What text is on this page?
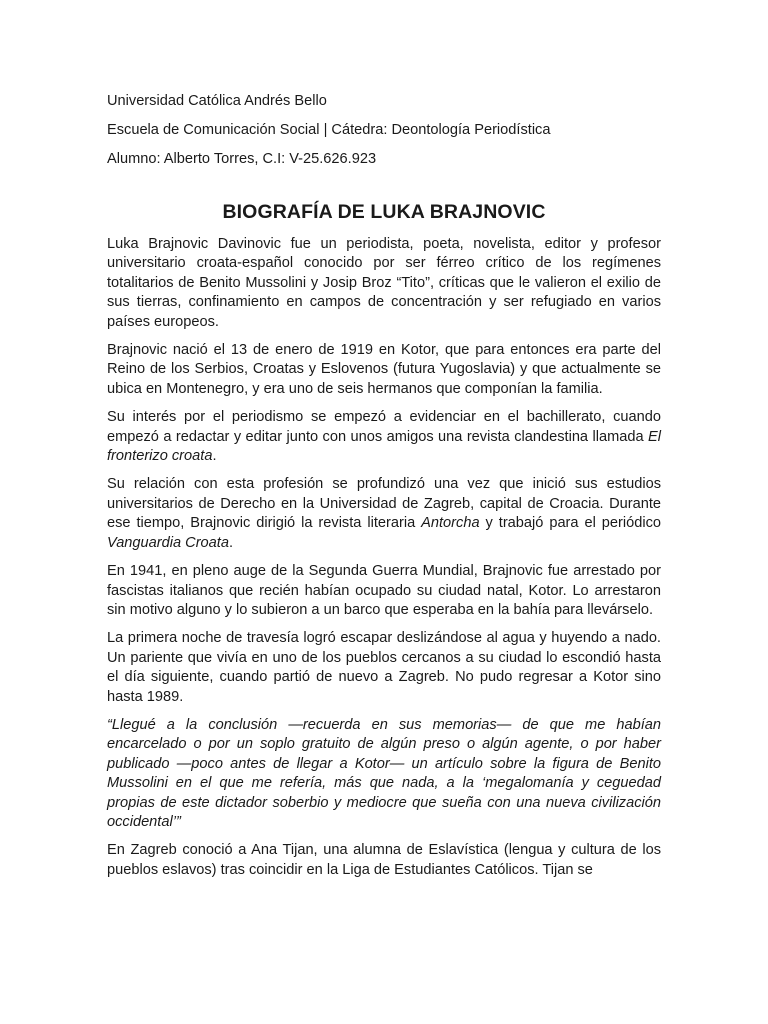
Universidad Católica Andrés Bello
Escuela de Comunicación Social | Cátedra: Deontología Periodística
Alumno: Alberto Torres, C.I: V-25.626.923
BIOGRAFÍA DE LUKA BRAJNOVIC

Luka Brajnovic Davinovic fue un periodista, poeta, novelista, editor y profesor universitario croata-español conocido por ser férreo crítico de los regímenes totalitarios de Benito Mussolini y Josip Broz “Tito”, críticas que le valieron el exilio de sus tierras, confinamiento en campos de concentración y ser refugiado en varios países europeos.

Brajnovic nació el 13 de enero de 1919 en Kotor, que para entonces era parte del Reino de los Serbios, Croatas y Eslovenos (futura Yugoslavia) y que actualmente se ubica en Montenegro, y era uno de seis hermanos que componían la familia.

Su interés por el periodismo se empezó a evidenciar en el bachillerato, cuando empezó a redactar y editar junto con unos amigos una revista clandestina llamada El fronterizo croata.

Su relación con esta profesión se profundizó una vez que inició sus estudios universitarios de Derecho en la Universidad de Zagreb, capital de Croacia. Durante ese tiempo, Brajnovic dirigió la revista literaria Antorcha y trabajó para el periódico Vanguardia Croata.

En 1941, en pleno auge de la Segunda Guerra Mundial, Brajnovic fue arrestado por fascistas italianos que recién habían ocupado su ciudad natal, Kotor. Lo arrestaron sin motivo alguno y lo subieron a un barco que esperaba en la bahía para llevárselo.

La primera noche de travesía logró escapar deslizándose al agua y huyendo a nado. Un pariente que vivía en uno de los pueblos cercanos a su ciudad lo escondió hasta el día siguiente, cuando partió de nuevo a Zagreb. No pudo regresar a Kotor sino hasta 1989.

“Llegué a la conclusión —recuerda en sus memorias— de que me habían encarcelado o por un soplo gratuito de algún preso o algún agente, o por haber publicado —poco antes de llegar a Kotor— un artículo sobre la figura de Benito Mussolini en el que me refería, más que nada, a la ‘megalomanía y ceguedad propias de este dictador soberbio y mediocre que sueña con una nueva civilización occidental’”

En Zagreb conoció a Ana Tijan, una alumna de Eslavística (lengua y cultura de los pueblos eslavos) tras coincidir en la Liga de Estudiantes Católicos. Tijan se
